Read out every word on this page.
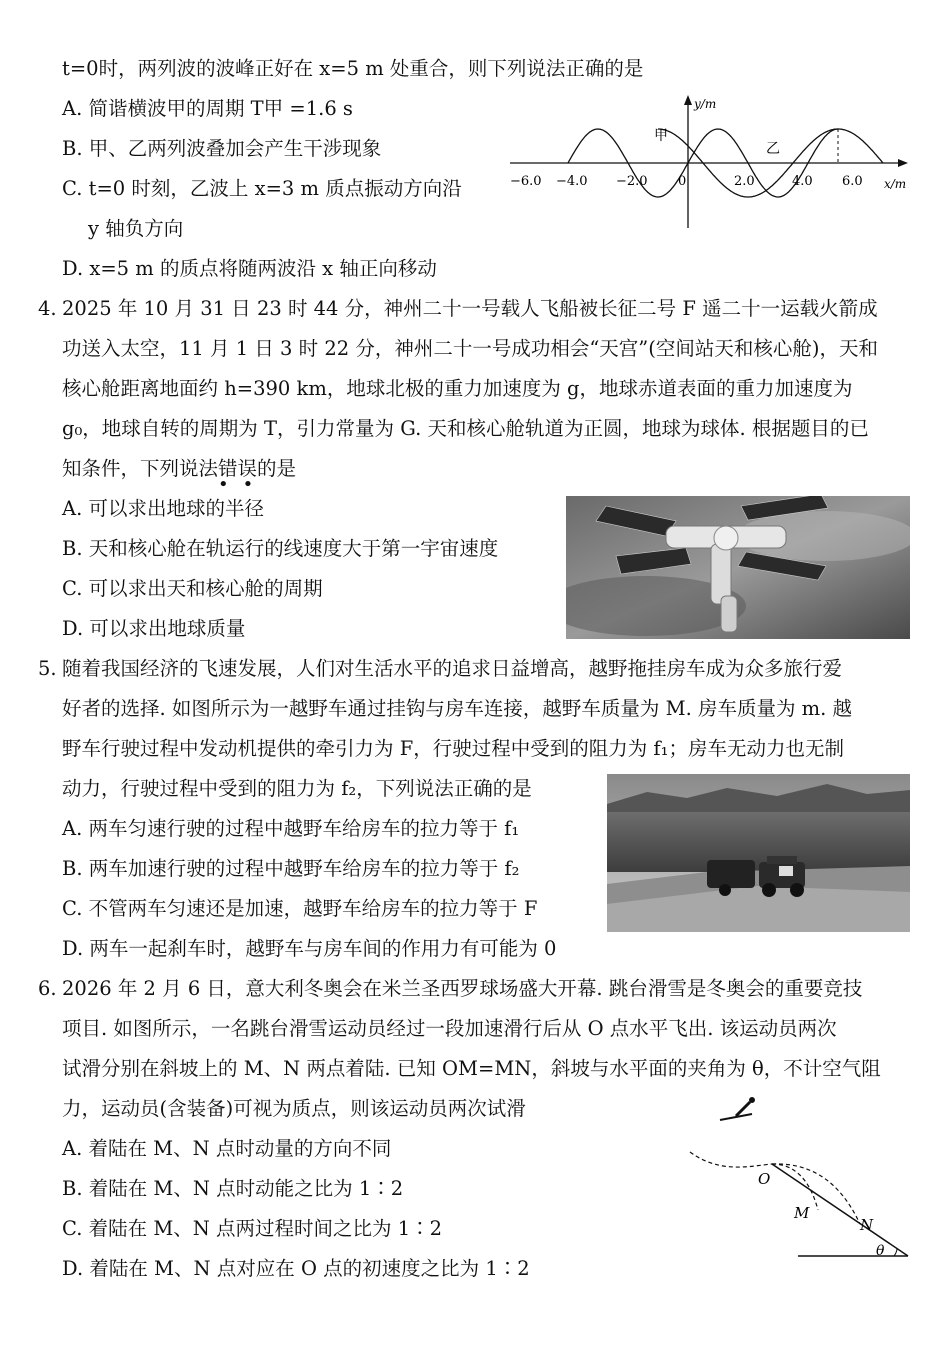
t=0时，两列波的波峰正好在 x=5 m 处重合，则下列说法正确的是
A. 简谐横波甲的周期 T甲 =1.6 s
B. 甲、乙两列波叠加会产生干涉现象
C. t=0 时刻，乙波上 x=3 m 质点振动方向沿
y 轴负方向
D. x=5 m 的质点将随两波沿 x 轴正向移动
y/m
x/m
0
−6.0 −4.0 −2.0	2.0	4.0 6.0
甲
乙
4. 2025 年 10 月 31 日 23 时 44 分，神州二十一号载人飞船被长征二号 F 遥二十一运载火箭成
功送入太空，11 月 1 日 3 时 22 分，神州二十一号成功相会“天宫”(空间站天和核心舱)，天和
核心舱距离地面约 h=390 km，地球北极的重力加速度为 g，地球赤道表面的重力加速度为
g₀，地球自转的周期为 T，引力常量为 G. 天和核心舱轨道为正圆，地球为球体. 根据题目的已
知条件，下列说法错误的是
••
A. 可以求出地球的半径
B. 天和核心舱在轨运行的线速度大于第一宇宙速度
C. 可以求出天和核心舱的周期
D. 可以求出地球质量
5. 随着我国经济的飞速发展，人们对生活水平的追求日益增高，越野拖挂房车成为众多旅行爱
好者的选择. 如图所示为一越野车通过挂钩与房车连接，越野车质量为 M. 房车质量为 m. 越
野车行驶过程中发动机提供的牵引力为 F，行驶过程中受到的阻力为 f₁；房车无动力也无制
动力，行驶过程中受到的阻力为 f₂，下列说法正确的是
A. 两车匀速行驶的过程中越野车给房车的拉力等于 f₁
B. 两车加速行驶的过程中越野车给房车的拉力等于 f₂
C. 不管两车匀速还是加速，越野车给房车的拉力等于 F
D. 两车一起刹车时，越野车与房车间的作用力有可能为 0
6. 2026 年 2 月 6 日，意大利冬奥会在米兰圣西罗球场盛大开幕. 跳台滑雪是冬奥会的重要竞技
项目. 如图所示，一名跳台滑雪运动员经过一段加速滑行后从 O 点水平飞出. 该运动员两次
试滑分别在斜坡上的 M、N 两点着陆. 已知 OM=MN，斜坡与水平面的夹角为 θ，不计空气阻
力，运动员(含装备)可视为质点，则该运动员两次试滑
A. 着陆在 M、N 点时动量的方向不同
B. 着陆在 M、N 点时动能之比为 1∶2
C. 着陆在 M、N 点两过程时间之比为 1∶2
D. 着陆在 M、N 点对应在 O 点的初速度之比为 1∶2
O
M
N
θ
